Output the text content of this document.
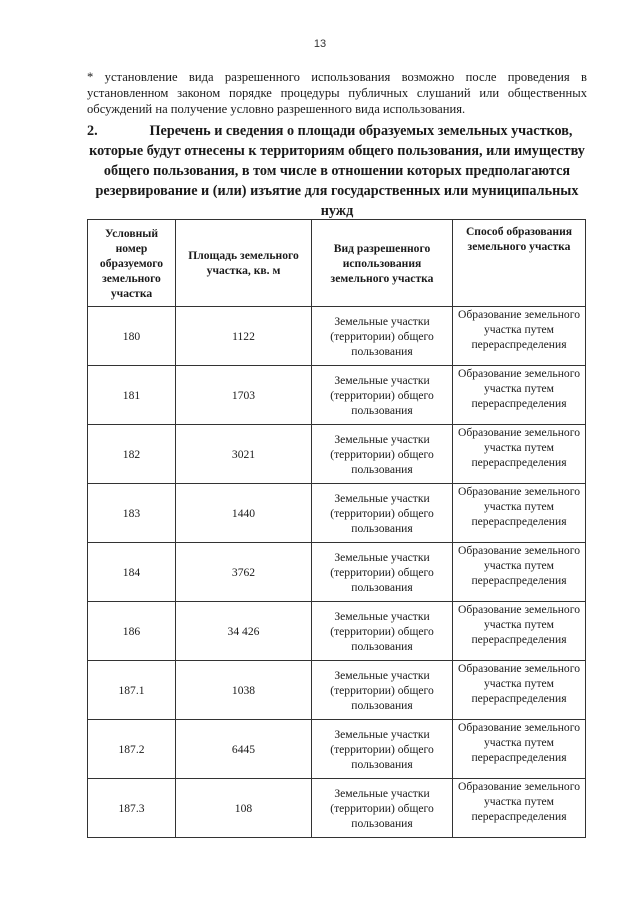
13

* установление вида разрешенного использования возможно после проведения в установленном законом порядке процедуры публичных слушаний или общественных обсуждений на получение условно разрешенного вида использования.

2.	Перечень и сведения о площади образуемых земельных участков, которые будут отнесены к территориям общего пользования, или имуществу общего пользования, в том числе в отношении которых предполагаются резервирование и (или) изъятие для государственных или муниципальных нужд
Условный номер образуемого земельного участка	Площадь земельного участка, кв. м	Вид разрешенного использования земельного участка	Способ образования земельного участка
180	1122	Земельные участки (территории) общего пользования	Образование земельного участка путем перераспределения
181	1703	Земельные участки (территории) общего пользования	Образование земельного участка путем перераспределения
182	3021	Земельные участки (территории) общего пользования	Образование земельного участка путем перераспределения
183	1440	Земельные участки (территории) общего пользования	Образование земельного участка путем перераспределения
184	3762	Земельные участки (территории) общего пользования	Образование земельного участка путем перераспределения
186	34 426	Земельные участки (территории) общего пользования	Образование земельного участка путем перераспределения
187.1	1038	Земельные участки (территории) общего пользования	Образование земельного участка путем перераспределения
187.2	6445	Земельные участки (территории) общего пользования	Образование земельного участка путем перераспределения
187.3	108	Земельные участки (территории) общего пользования	Образование земельного участка путем перераспределения
